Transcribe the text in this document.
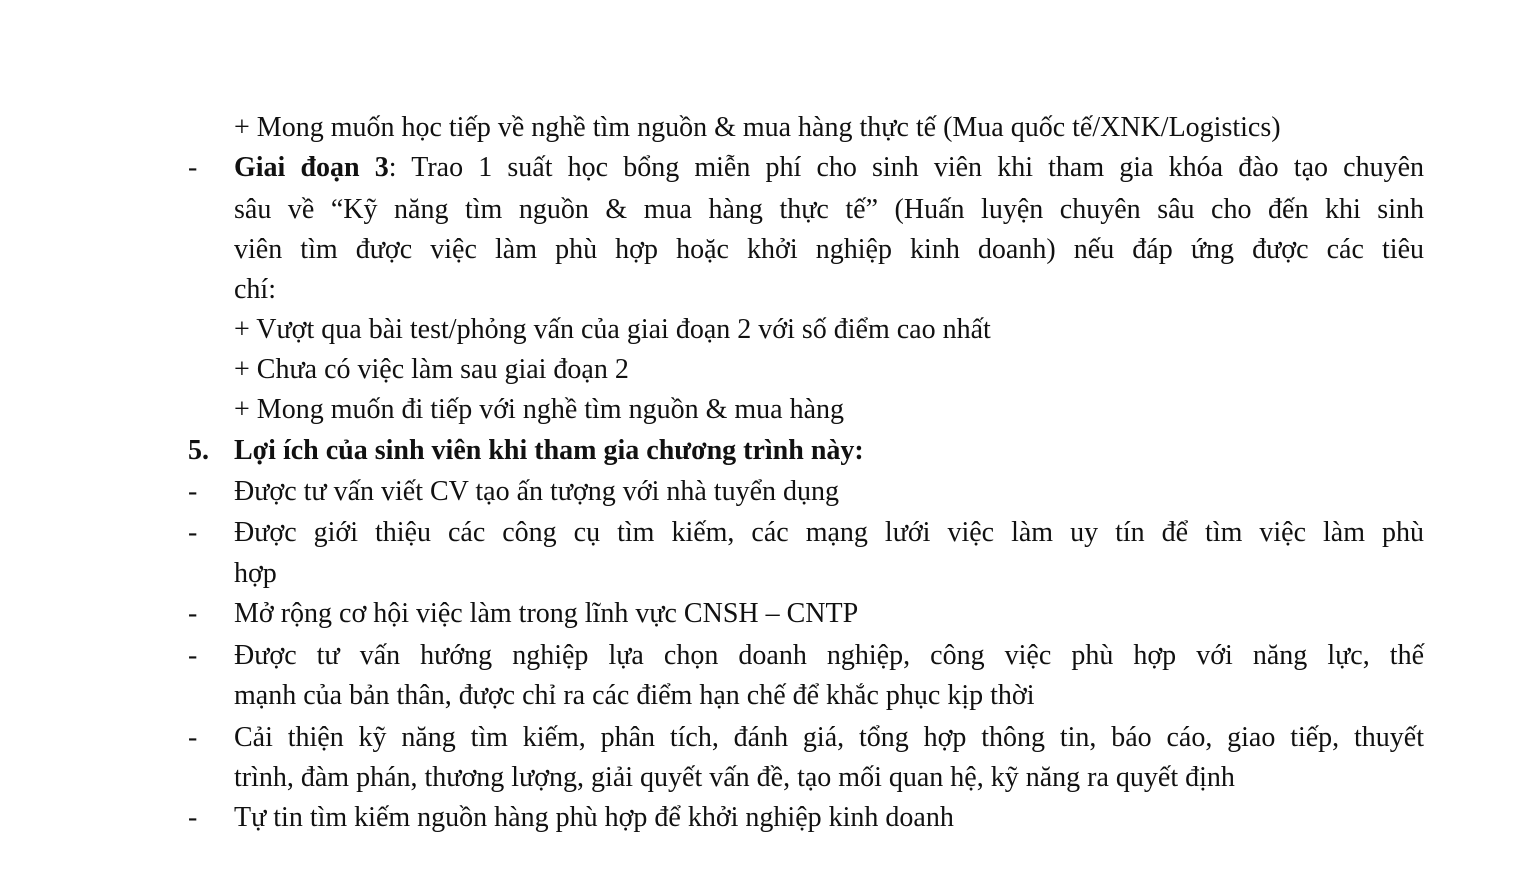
+ Mong muốn học tiếp về nghề tìm nguồn & mua hàng thực tế (Mua quốc tế/XNK/Logistics)
- Giai đoạn 3: Trao 1 suất học bổng miễn phí cho sinh viên khi tham gia khóa đào tạo chuyên
sâu về “Kỹ năng tìm nguồn & mua hàng thực tế” (Huấn luyện chuyên sâu cho đến khi sinh
viên tìm được việc làm phù hợp hoặc khởi nghiệp kinh doanh) nếu đáp ứng được các tiêu
chí:
+ Vượt qua bài test/phỏng vấn của giai đoạn 2 với số điểm cao nhất
+ Chưa có việc làm sau giai đoạn 2
+ Mong muốn đi tiếp với nghề tìm nguồn & mua hàng
5. Lợi ích của sinh viên khi tham gia chương trình này:
- Được tư vấn viết CV tạo ấn tượng với nhà tuyển dụng
- Được giới thiệu các công cụ tìm kiếm, các mạng lưới việc làm uy tín để tìm việc làm phù
hợp
- Mở rộng cơ hội việc làm trong lĩnh vực CNSH – CNTP
- Được tư vấn hướng nghiệp lựa chọn doanh nghiệp, công việc phù hợp với năng lực, thế
mạnh của bản thân, được chỉ ra các điểm hạn chế để khắc phục kịp thời
- Cải thiện kỹ năng tìm kiếm, phân tích, đánh giá, tổng hợp thông tin, báo cáo, giao tiếp, thuyết
trình, đàm phán, thương lượng, giải quyết vấn đề, tạo mối quan hệ, kỹ năng ra quyết định
- Tự tin tìm kiếm nguồn hàng phù hợp để khởi nghiệp kinh doanh
